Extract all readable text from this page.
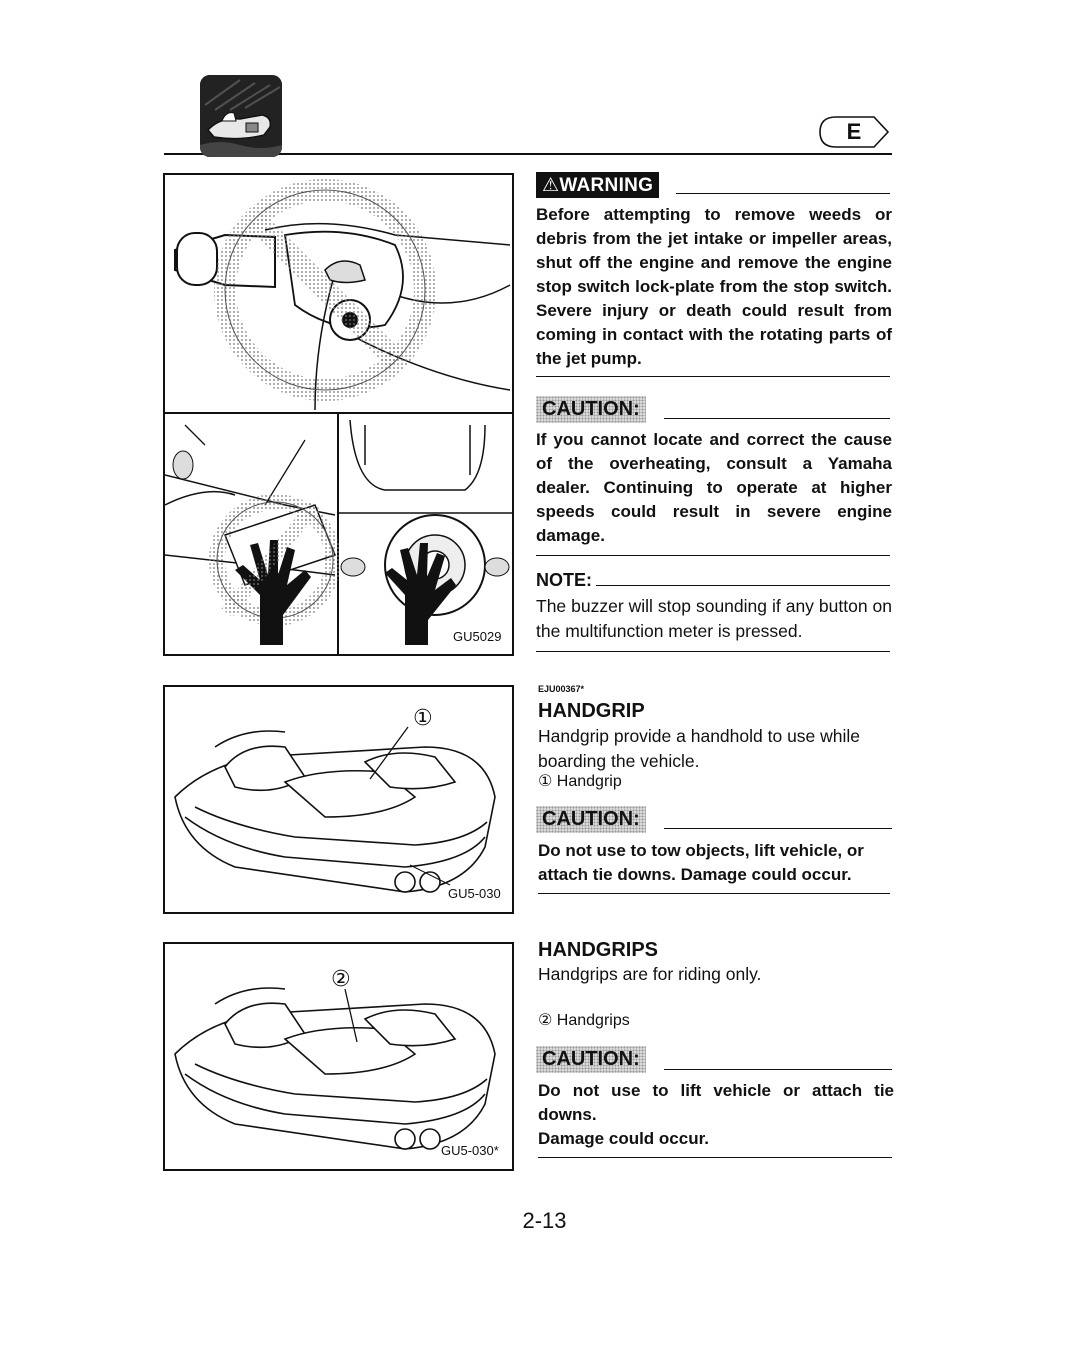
E
GU5029
①
GU5-030
②
GU5-030*
⚠WARNING
Before attempting to remove weeds or debris from the jet intake or impeller areas, shut off the engine and remove the engine stop switch lock-plate from the stop switch. Severe injury or death could result from coming in contact with the rotating parts of the jet pump.
CAUTION:
If you cannot locate and correct the cause of the overheating, consult a Yamaha dealer. Continuing to operate at higher speeds could result in severe engine damage.
NOTE:
The buzzer will stop sounding if any button on the multifunction meter is pressed.
EJU00367*
HANDGRIP
Handgrip provide a handhold to use while boarding the vehicle.
① Handgrip
CAUTION:
Do not use to tow objects, lift vehicle, or attach tie downs. Damage could occur.
HANDGRIPS
Handgrips are for riding only.
② Handgrips
CAUTION:
Do not use to lift vehicle or attach tie downs.
Damage could occur.
2-13
